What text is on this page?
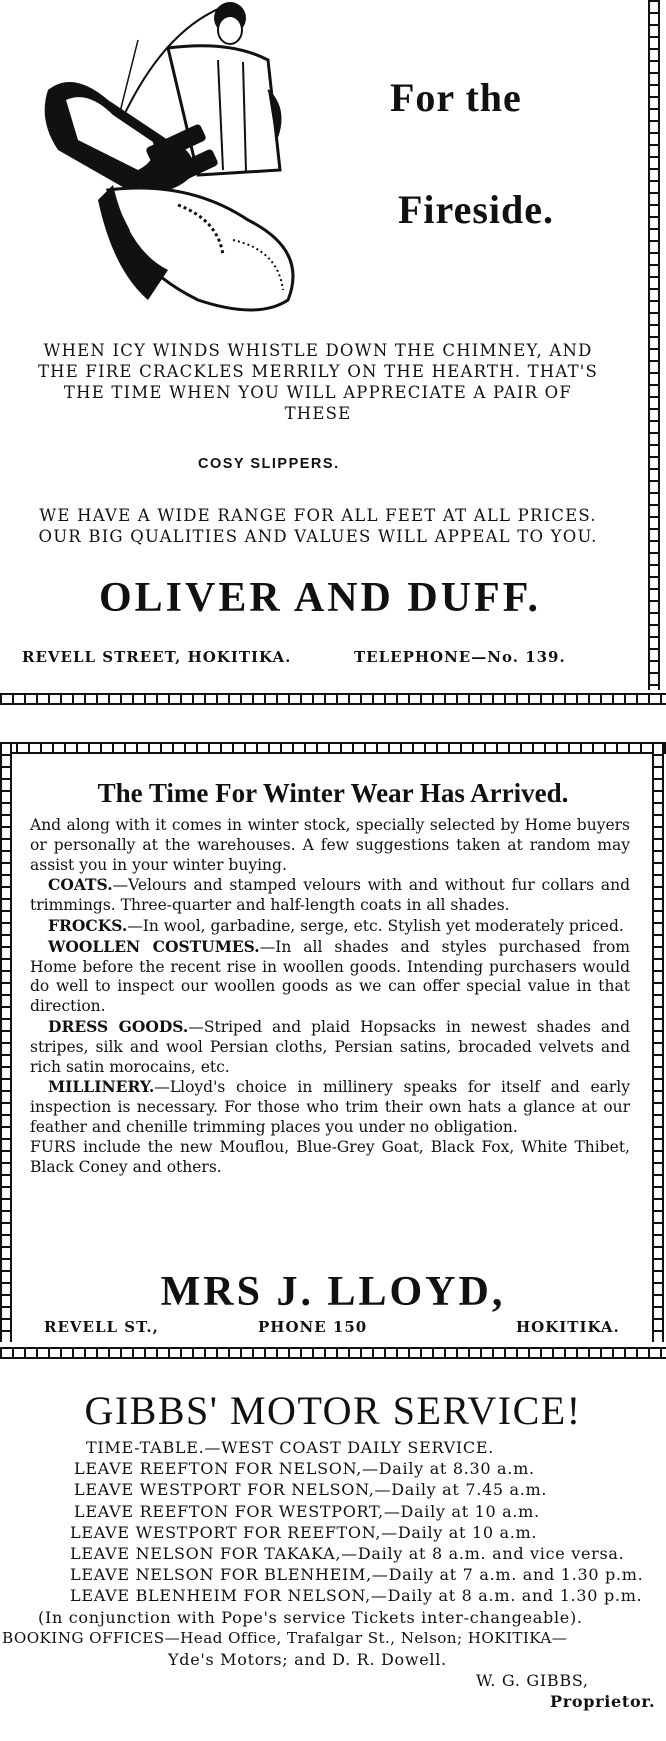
For the
Fireside.
WHEN ICY WINDS WHISTLE DOWN THE CHIMNEY, AND
THE FIRE CRACKLES MERRILY ON THE HEARTH. THAT'S
THE TIME WHEN YOU WILL APPRECIATE A PAIR OF
THESE
COSY SLIPPERS.
WE HAVE A WIDE RANGE FOR ALL FEET AT ALL PRICES.
OUR BIG QUALITIES AND VALUES WILL APPEAL TO YOU.
OLIVER AND DUFF.
REVELL STREET, HOKITIKA.	TELEPHONE—No. 139.
The Time For Winter Wear Has Arrived.

And along with it comes in winter stock, specially selected by Home buyers or personally at the warehouses. A few suggestions taken at random may assist you in your winter buying.

COATS.—Velours and stamped velours with and without fur collars and trimmings. Three-quarter and half-length coats in all shades.

FROCKS.—In wool, garbadine, serge, etc. Stylish yet moderately priced.

WOOLLEN COSTUMES.—In all shades and styles purchased from Home before the recent rise in woollen goods. Intending purchasers would do well to inspect our woollen goods as we can offer special value in that direction.

DRESS GOODS.—Striped and plaid Hopsacks in newest shades and stripes, silk and wool Persian cloths, Persian satins, brocaded velvets and rich satin morocains, etc.

MILLINERY.—Lloyd's choice in millinery speaks for itself and early inspection is necessary. For those who trim their own hats a glance at our feather and chenille trimming places you under no obligation.

FURS include the new Mouflou, Blue-Grey Goat, Black Fox, White Thibet, Black Coney and others.

MRS J. LLOYD,
REVELL ST.,	PHONE 150	HOKITIKA.
GIBBS' MOTOR SERVICE!
TIME-TABLE.—WEST COAST DAILY SERVICE.
LEAVE REEFTON FOR NELSON,—Daily at 8.30 a.m.
LEAVE WESTPORT FOR NELSON,—Daily at 7.45 a.m.
LEAVE REEFTON FOR WESTPORT,—Daily at 10 a.m.
LEAVE WESTPORT FOR REEFTON,—Daily at 10 a.m.
LEAVE NELSON FOR TAKAKA,—Daily at 8 a.m. and vice versa.
LEAVE NELSON FOR BLENHEIM,—Daily at 7 a.m. and 1.30 p.m.
LEAVE BLENHEIM FOR NELSON,—Daily at 8 a.m. and 1.30 p.m.
(In conjunction with Pope's service Tickets inter-changeable).
BOOKING OFFICES—Head Office, Trafalgar St., Nelson; HOKITIKA—
Yde's Motors; and D. R. Dowell.
W. G. GIBBS,
Proprietor.
